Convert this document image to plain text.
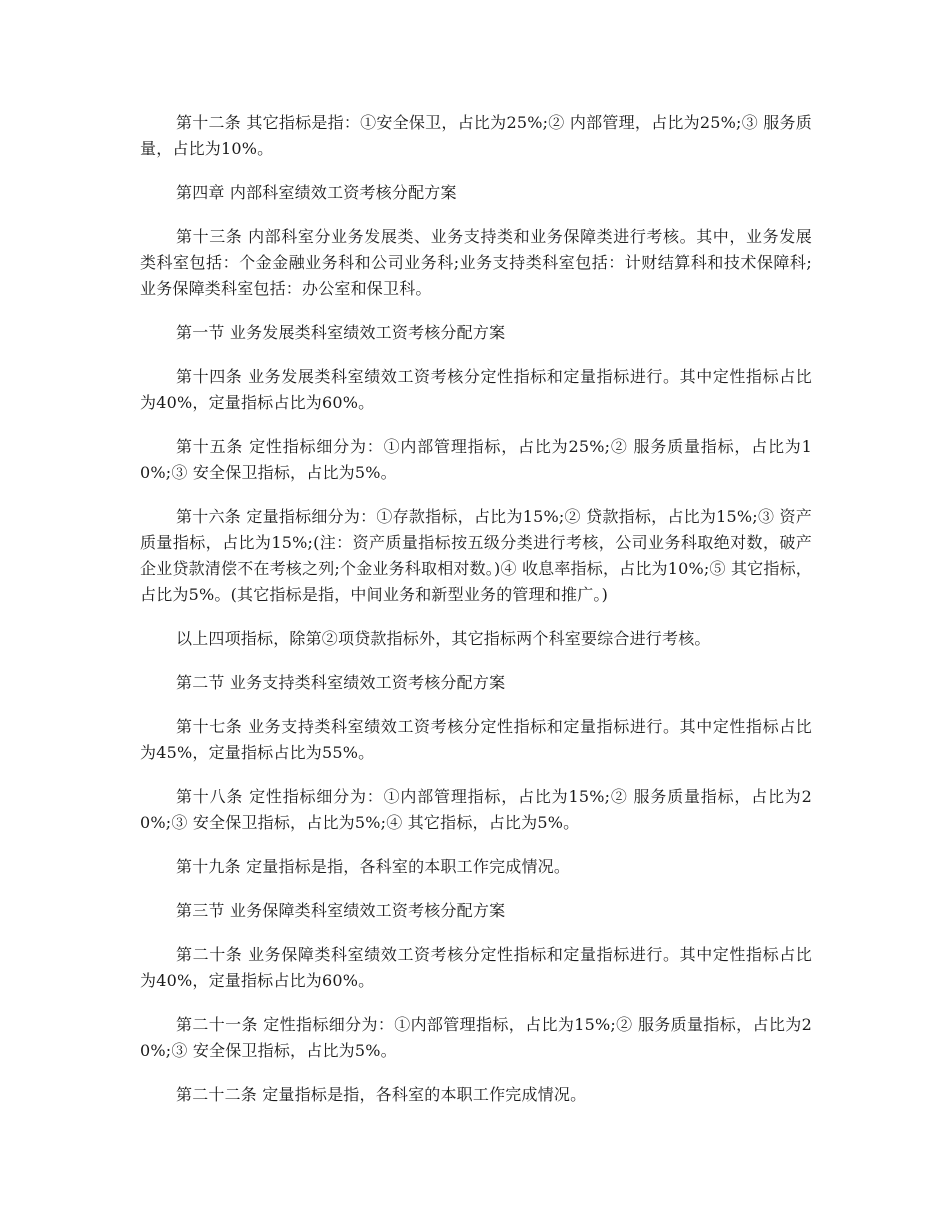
第十二条 其它指标是指：①安全保卫，占比为25%;② 内部管理，占比为25%;③ 服务质量，占比为10%。

第四章 内部科室绩效工资考核分配方案

第十三条 内部科室分业务发展类、业务支持类和业务保障类进行考核。其中，业务发展类科室包括：个金金融业务科和公司业务科;业务支持类科室包括：计财结算科和技术保障科;业务保障类科室包括：办公室和保卫科。

第一节 业务发展类科室绩效工资考核分配方案

第十四条 业务发展类科室绩效工资考核分定性指标和定量指标进行。其中定性指标占比为40%，定量指标占比为60%。

第十五条 定性指标细分为：①内部管理指标，占比为25%;② 服务质量指标，占比为10%;③ 安全保卫指标，占比为5%。

第十六条 定量指标细分为：①存款指标，占比为15%;② 贷款指标，占比为15%;③ 资产质量指标，占比为15%;(注：资产质量指标按五级分类进行考核，公司业务科取绝对数，破产企业贷款清偿不在考核之列;个金业务科取相对数。)④ 收息率指标，占比为10%;⑤ 其它指标，占比为5%。(其它指标是指，中间业务和新型业务的管理和推广。)

以上四项指标，除第②项贷款指标外，其它指标两个科室要综合进行考核。

第二节 业务支持类科室绩效工资考核分配方案

第十七条 业务支持类科室绩效工资考核分定性指标和定量指标进行。其中定性指标占比为45%，定量指标占比为55%。

第十八条 定性指标细分为：①内部管理指标，占比为15%;② 服务质量指标，占比为20%;③ 安全保卫指标，占比为5%;④ 其它指标，占比为5%。

第十九条 定量指标是指，各科室的本职工作完成情况。

第三节 业务保障类科室绩效工资考核分配方案

第二十条 业务保障类科室绩效工资考核分定性指标和定量指标进行。其中定性指标占比为40%，定量指标占比为60%。

第二十一条 定性指标细分为：①内部管理指标，占比为15%;② 服务质量指标，占比为20%;③ 安全保卫指标，占比为5%。

第二十二条 定量指标是指，各科室的本职工作完成情况。
